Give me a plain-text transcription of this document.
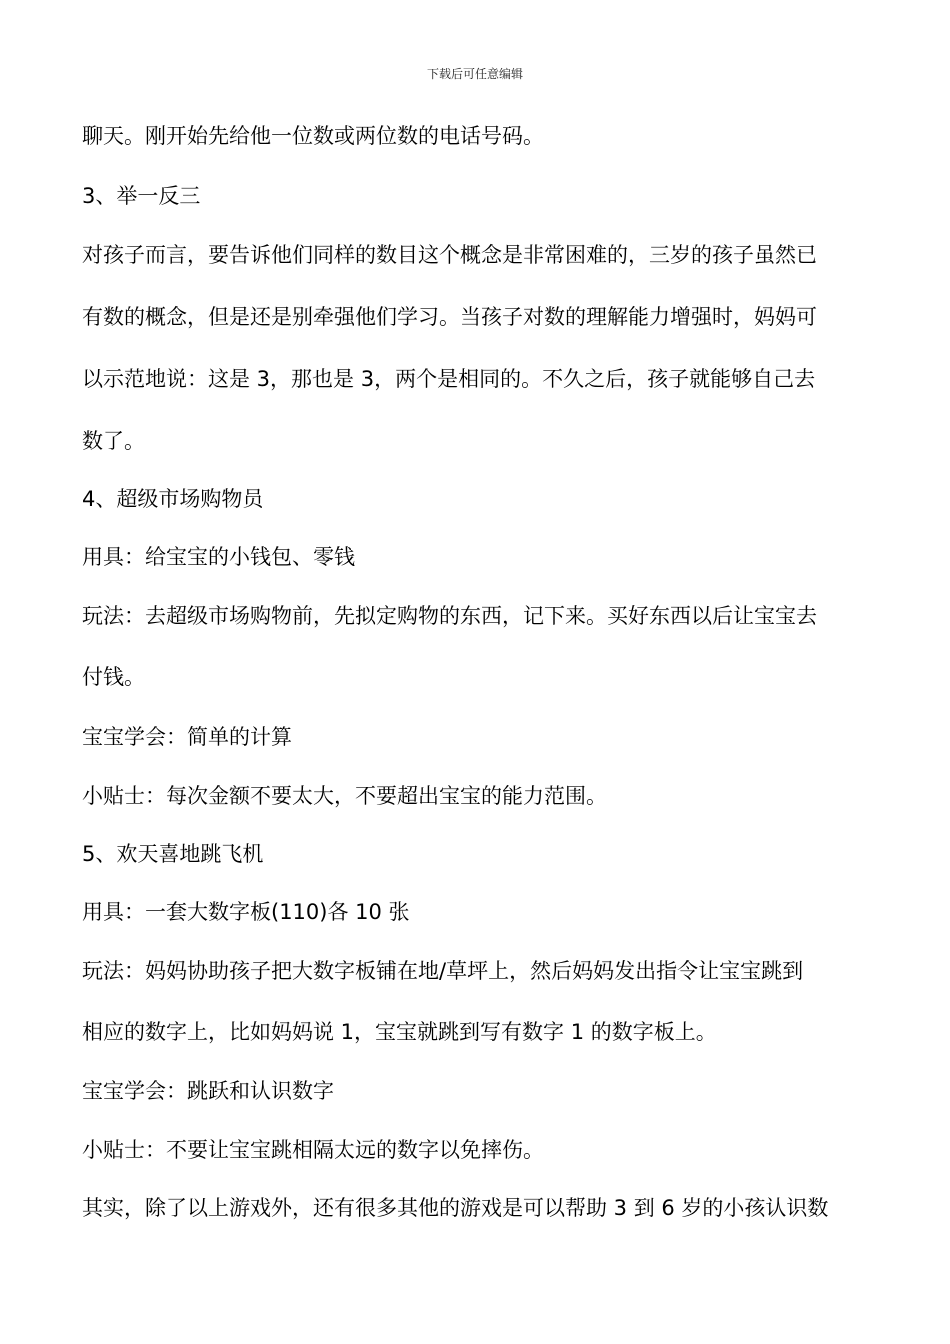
下载后可任意编辑
聊天。刚开始先给他一位数或两位数的电话号码。
3、举一反三
对孩子而言，要告诉他们同样的数目这个概念是非常困难的，三岁的孩子虽然已
有数的概念，但是还是别牵强他们学习。当孩子对数的理解能力增强时，妈妈可
以示范地说：这是 3，那也是 3，两个是相同的。不久之后，孩子就能够自己去
数了。
4、超级市场购物员
用具：给宝宝的小钱包、零钱
玩法：去超级市场购物前，先拟定购物的东西，记下来。买好东西以后让宝宝去
付钱。
宝宝学会：简单的计算
小贴士：每次金额不要太大，不要超出宝宝的能力范围。
5、欢天喜地跳飞机
用具：一套大数字板(110)各 10 张
玩法：妈妈协助孩子把大数字板铺在地/草坪上，然后妈妈发出指令让宝宝跳到
相应的数字上，比如妈妈说 1，宝宝就跳到写有数字 1 的数字板上。
宝宝学会：跳跃和认识数字
小贴士：不要让宝宝跳相隔太远的数字以免摔伤。
其实，除了以上游戏外，还有很多其他的游戏是可以帮助 3 到 6 岁的小孩认识数
